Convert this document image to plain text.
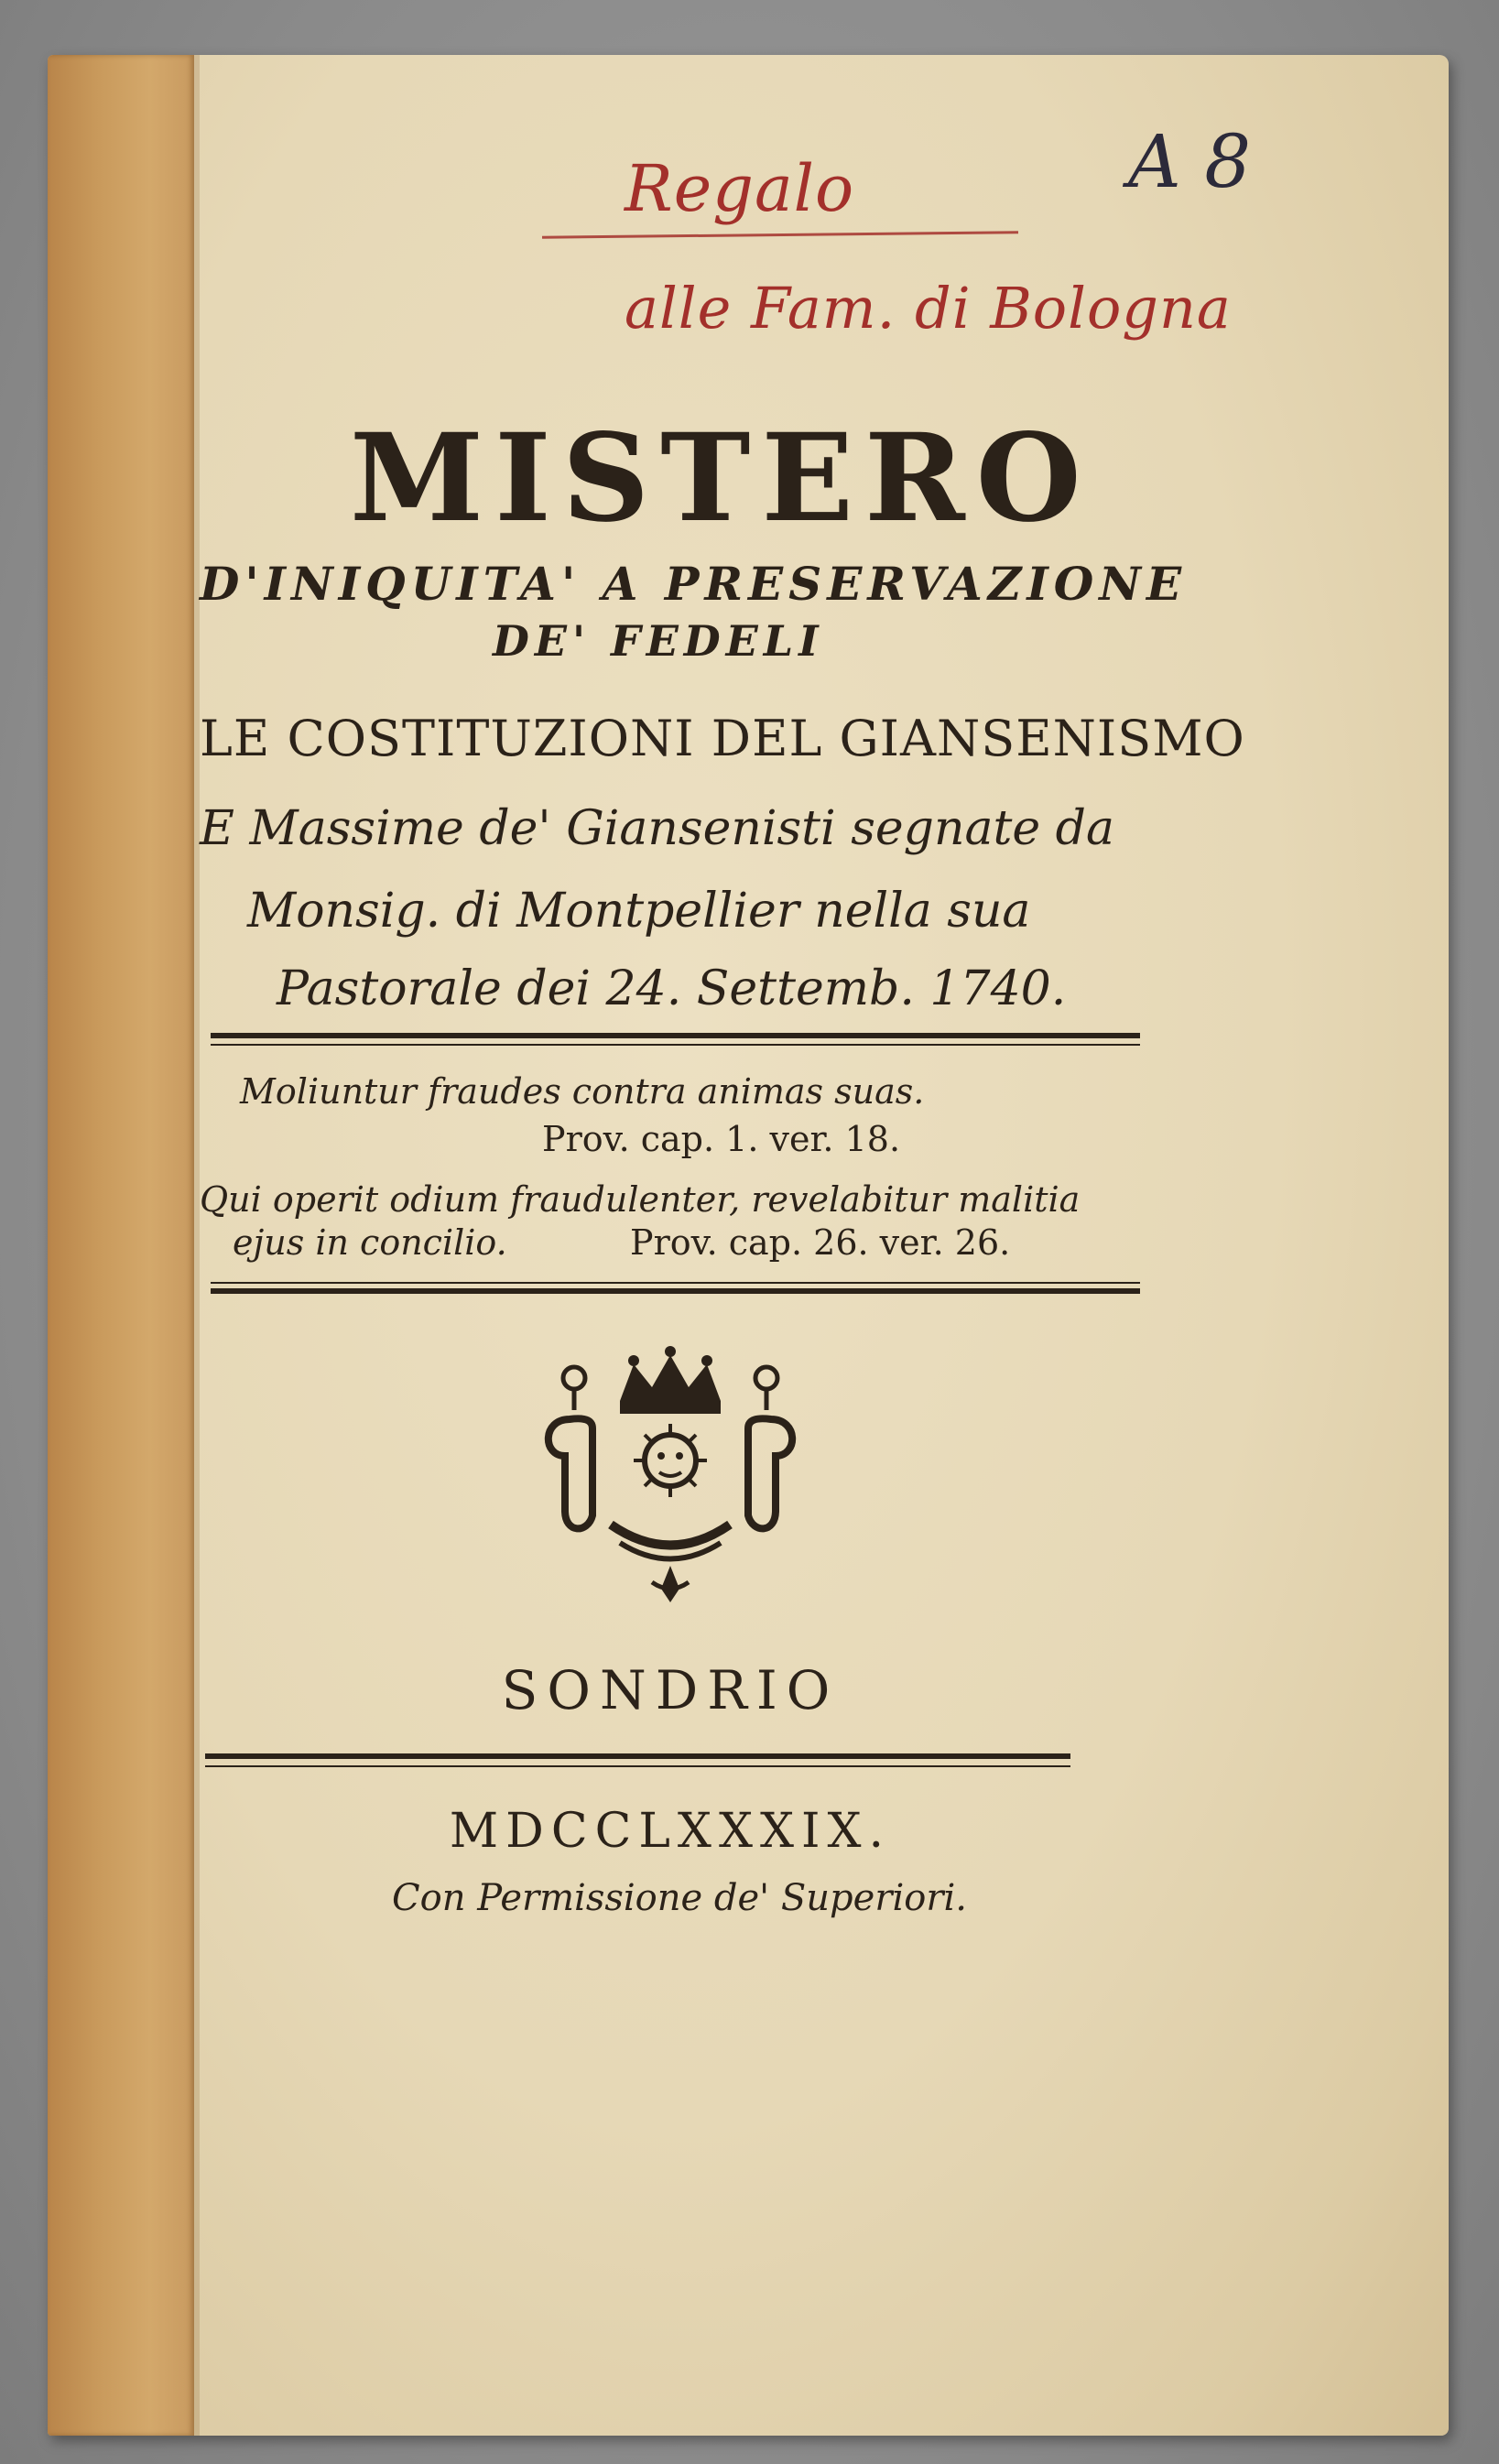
Regalo
alle Fam. di Bologna
A 8
MISTERO
D'INIQUITA' A PRESERVAZIONE
DE' FEDELI
LE COSTITUZIONI DEL GIANSENISMO
E Massime de' Giansenisti segnate da
Monsig. di Montpellier nella sua
Pastorale dei 24. Settemb. 1740.
Moliuntur fraudes contra animas suas.
Prov. cap. 1. ver. 18.
Qui operit odium fraudulenter, revelabitur malitia
ejus in concilio.	Prov. cap. 26. ver. 26.
SONDRIO
MDCCLXXXIX.
Con Permissione de' Superiori.
